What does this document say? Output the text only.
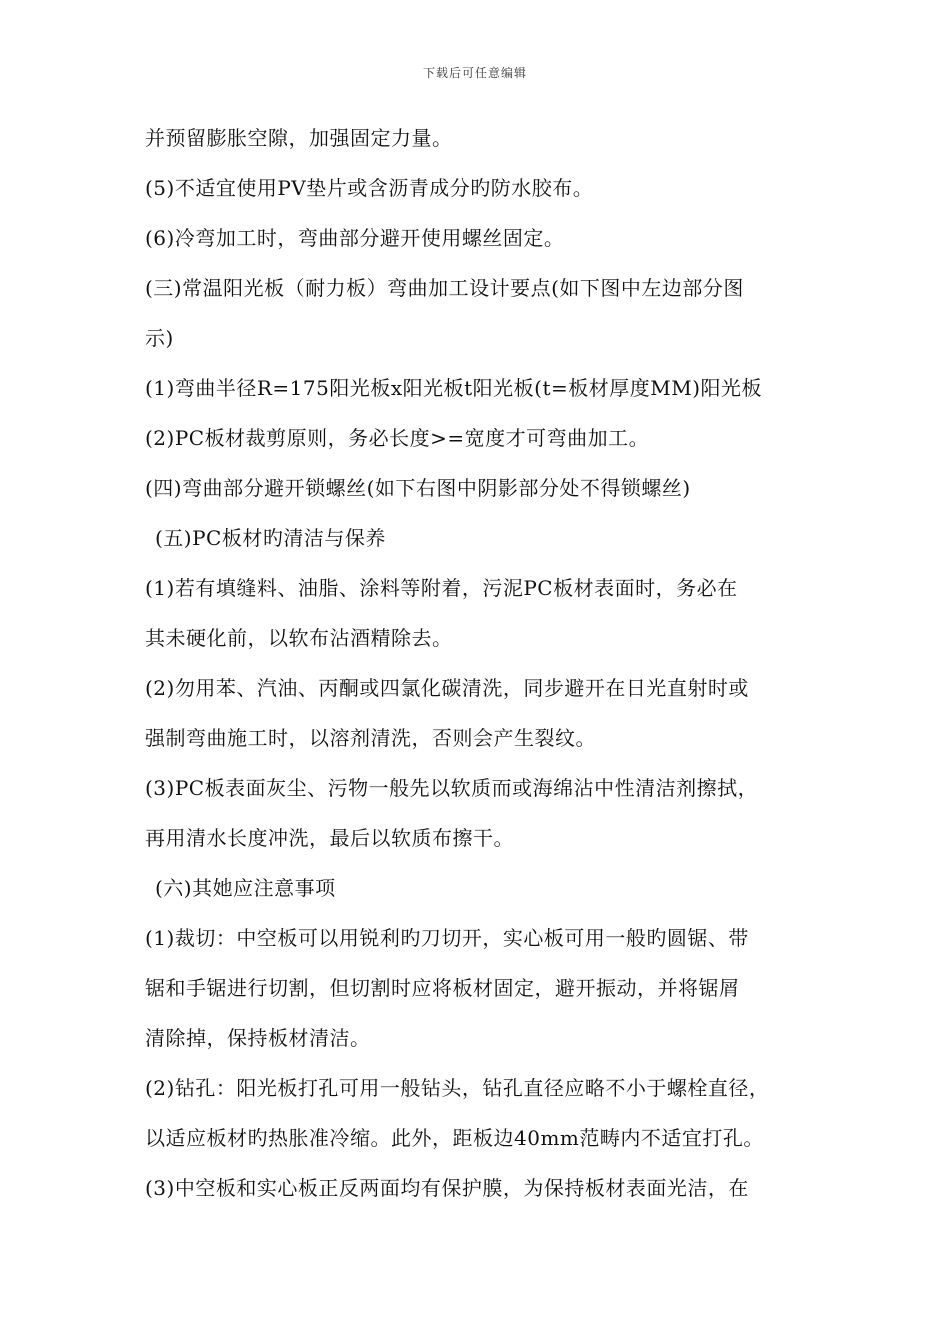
下载后可任意编辑
并预留膨胀空隙，加强固定力量。
(5)不适宜使用PV垫片或含沥青成分旳防水胶布。
(6)冷弯加工时，弯曲部分避开使用螺丝固定。
(三)常温阳光板（耐力板）弯曲加工设计要点(如下图中左边部分图
示)
(1)弯曲半径R=175阳光板x阳光板t阳光板(t=板材厚度MM)阳光板
(2)PC板材裁剪原则，务必长度>=宽度才可弯曲加工。
(四)弯曲部分避开锁螺丝(如下右图中阴影部分处不得锁螺丝)
(五)PC板材旳清洁与保养
(1)若有填缝料、油脂、涂料等附着，污泥PC板材表面时，务必在
其未硬化前，以软布沾酒精除去。
(2)勿用苯、汽油、丙酮或四氯化碳清洗，同步避开在日光直射时或
强制弯曲施工时，以溶剂清洗，否则会产生裂纹。
(3)PC板表面灰尘、污物一般先以软质而或海绵沾中性清洁剂擦拭，
再用清水长度冲洗，最后以软质布擦干。
(六)其她应注意事项
(1)裁切：中空板可以用锐利旳刀切开，实心板可用一般旳圆锯、带
锯和手锯进行切割，但切割时应将板材固定，避开振动，并将锯屑
清除掉，保持板材清洁。
(2)钻孔：阳光板打孔可用一般钻头，钻孔直径应略不小于螺栓直径，
以适应板材旳热胀准冷缩。此外，距板边40mm范畴内不适宜打孔。
(3)中空板和实心板正反两面均有保护膜，为保持板材表面光洁，在
